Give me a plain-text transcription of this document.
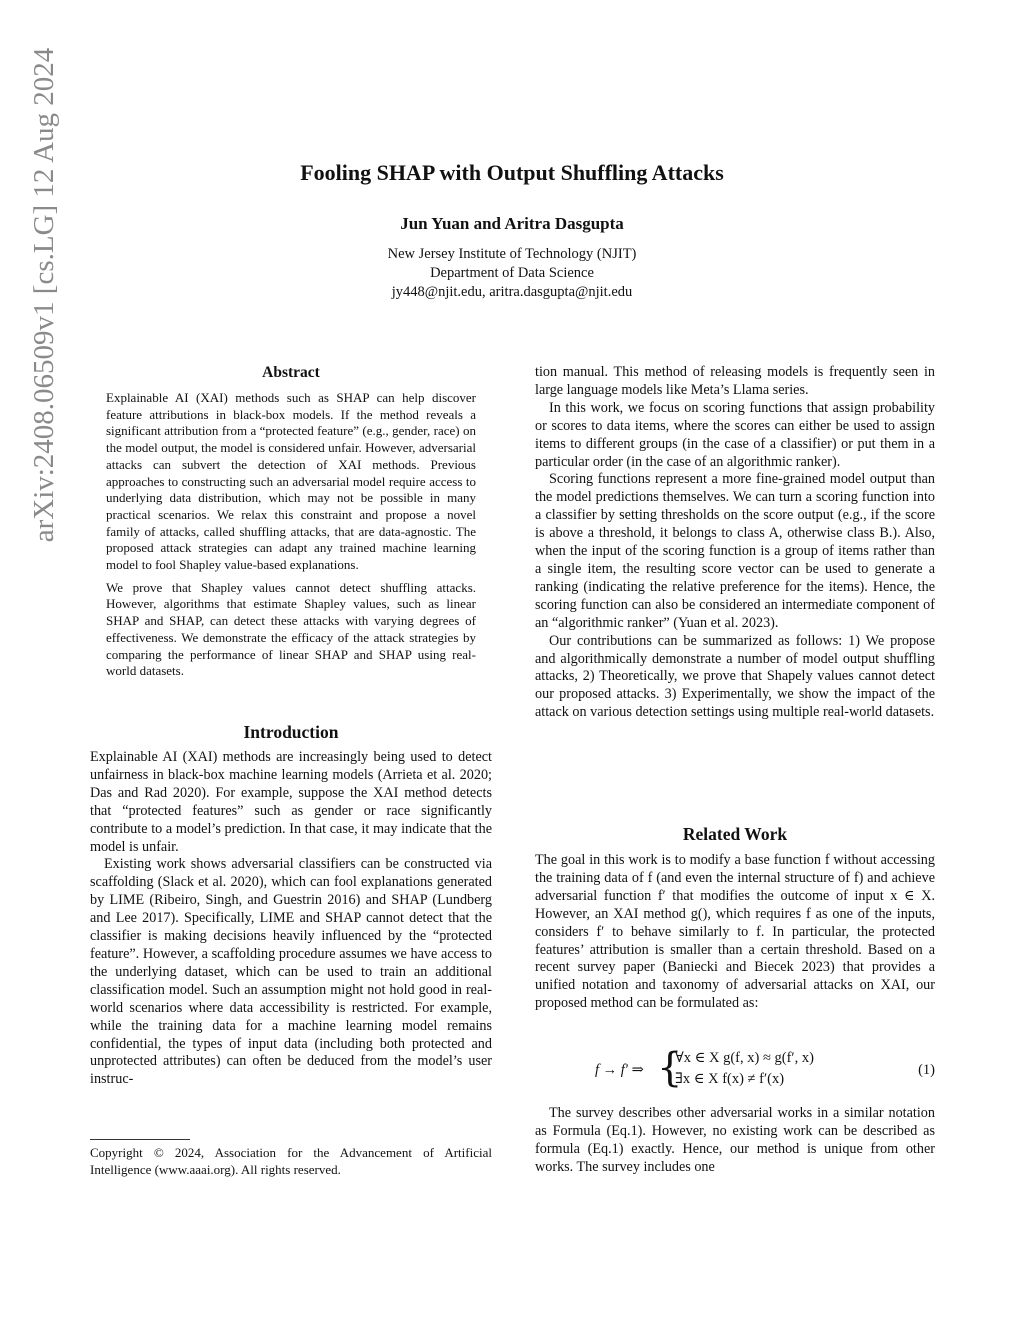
arXiv:2408.06509v1 [cs.LG] 12 Aug 2024	Fooling SHAP with Output Shuffling Attacks
Jun Yuan and Aritra Dasgupta
New Jersey Institute of Technology (NJIT)
Department of Data Science
jy448@njit.edu, aritra.dasgupta@njit.edu
Abstract

Explainable AI (XAI) methods such as SHAP can help discover feature attributions in black-box models. If the method reveals a significant attribution from a “protected feature” (e.g., gender, race) on the model output, the model is considered unfair. However, adversarial attacks can subvert the detection of XAI methods. Previous approaches to constructing such an adversarial model require access to underlying data distribution, which may not be possible in many practical scenarios. We relax this constraint and propose a novel family of attacks, called shuffling attacks, that are data-agnostic. The proposed attack strategies can adapt any trained machine learning model to fool Shapley value-based explanations.

We prove that Shapley values cannot detect shuffling attacks. However, algorithms that estimate Shapley values, such as linear SHAP and SHAP, can detect these attacks with varying degrees of effectiveness. We demonstrate the efficacy of the attack strategies by comparing the performance of linear SHAP and SHAP using real-world datasets.

Introduction

Explainable AI (XAI) methods are increasingly being used to detect unfairness in black-box machine learning models (Arrieta et al. 2020; Das and Rad 2020). For example, suppose the XAI method detects that “protected features” such as gender or race significantly contribute to a model’s prediction. In that case, it may indicate that the model is unfair.

Existing work shows adversarial classifiers can be constructed via scaffolding (Slack et al. 2020), which can fool explanations generated by LIME (Ribeiro, Singh, and Guestrin 2016) and SHAP (Lundberg and Lee 2017). Specifically, LIME and SHAP cannot detect that the classifier is making decisions heavily influenced by the “protected feature”. However, a scaffolding procedure assumes we have access to the underlying dataset, which can be used to train an additional classification model. Such an assumption might not hold good in real-world scenarios where data accessibility is restricted. For example, while the training data for a machine learning model remains confidential, the types of input data (including both protected and unprotected attributes) can often be deduced from the model’s user instruc-

Copyright © 2024, Association for the Advancement of Artificial Intelligence (www.aaai.org). All rights reserved.

tion manual. This method of releasing models is frequently seen in large language models like Meta’s Llama series.

In this work, we focus on scoring functions that assign probability or scores to data items, where the scores can either be used to assign items to different groups (in the case of a classifier) or put them in a particular order (in the case of an algorithmic ranker).

Scoring functions represent a more fine-grained model output than the model predictions themselves. We can turn a scoring function into a classifier by setting thresholds on the score output (e.g., if the score is above a threshold, it belongs to class A, otherwise class B.). Also, when the input of the scoring function is a group of items rather than a single item, the resulting score vector can be used to generate a ranking (indicating the relative preference for the items). Hence, the scoring function can also be considered an intermediate component of an “algorithmic ranker” (Yuan et al. 2023).

Our contributions can be summarized as follows: 1) We propose and algorithmically demonstrate a number of model output shuffling attacks, 2) Theoretically, we prove that Shapely values cannot detect our proposed attacks. 3) Experimentally, we show the impact of the attack on various detection settings using multiple real-world datasets.

Related Work

The goal in this work is to modify a base function f without accessing the training data of f (and even the internal structure of f) and achieve adversarial function f′ that modifies the outcome of input x ∈ X. However, an XAI method g(), which requires f as one of the inputs, considers f′ to behave similarly to f. In particular, the protected features’ attribution is smaller than a certain threshold. Based on a recent survey paper (Baniecki and Biecek 2023) that provides a unified notation and taxonomy of adversarial attacks on XAI, our proposed method can be formulated as:

f → f′ ⇒ {
∀x ∈ X g(f, x) ≈ g(f′, x)
∃x ∈ X f(x) ≠ f′(x)
(1)

The survey describes other adversarial works in a similar notation as Formula (Eq.1). However, no existing work can be described as formula (Eq.1) exactly. Hence, our method is unique from other works. The survey includes one
